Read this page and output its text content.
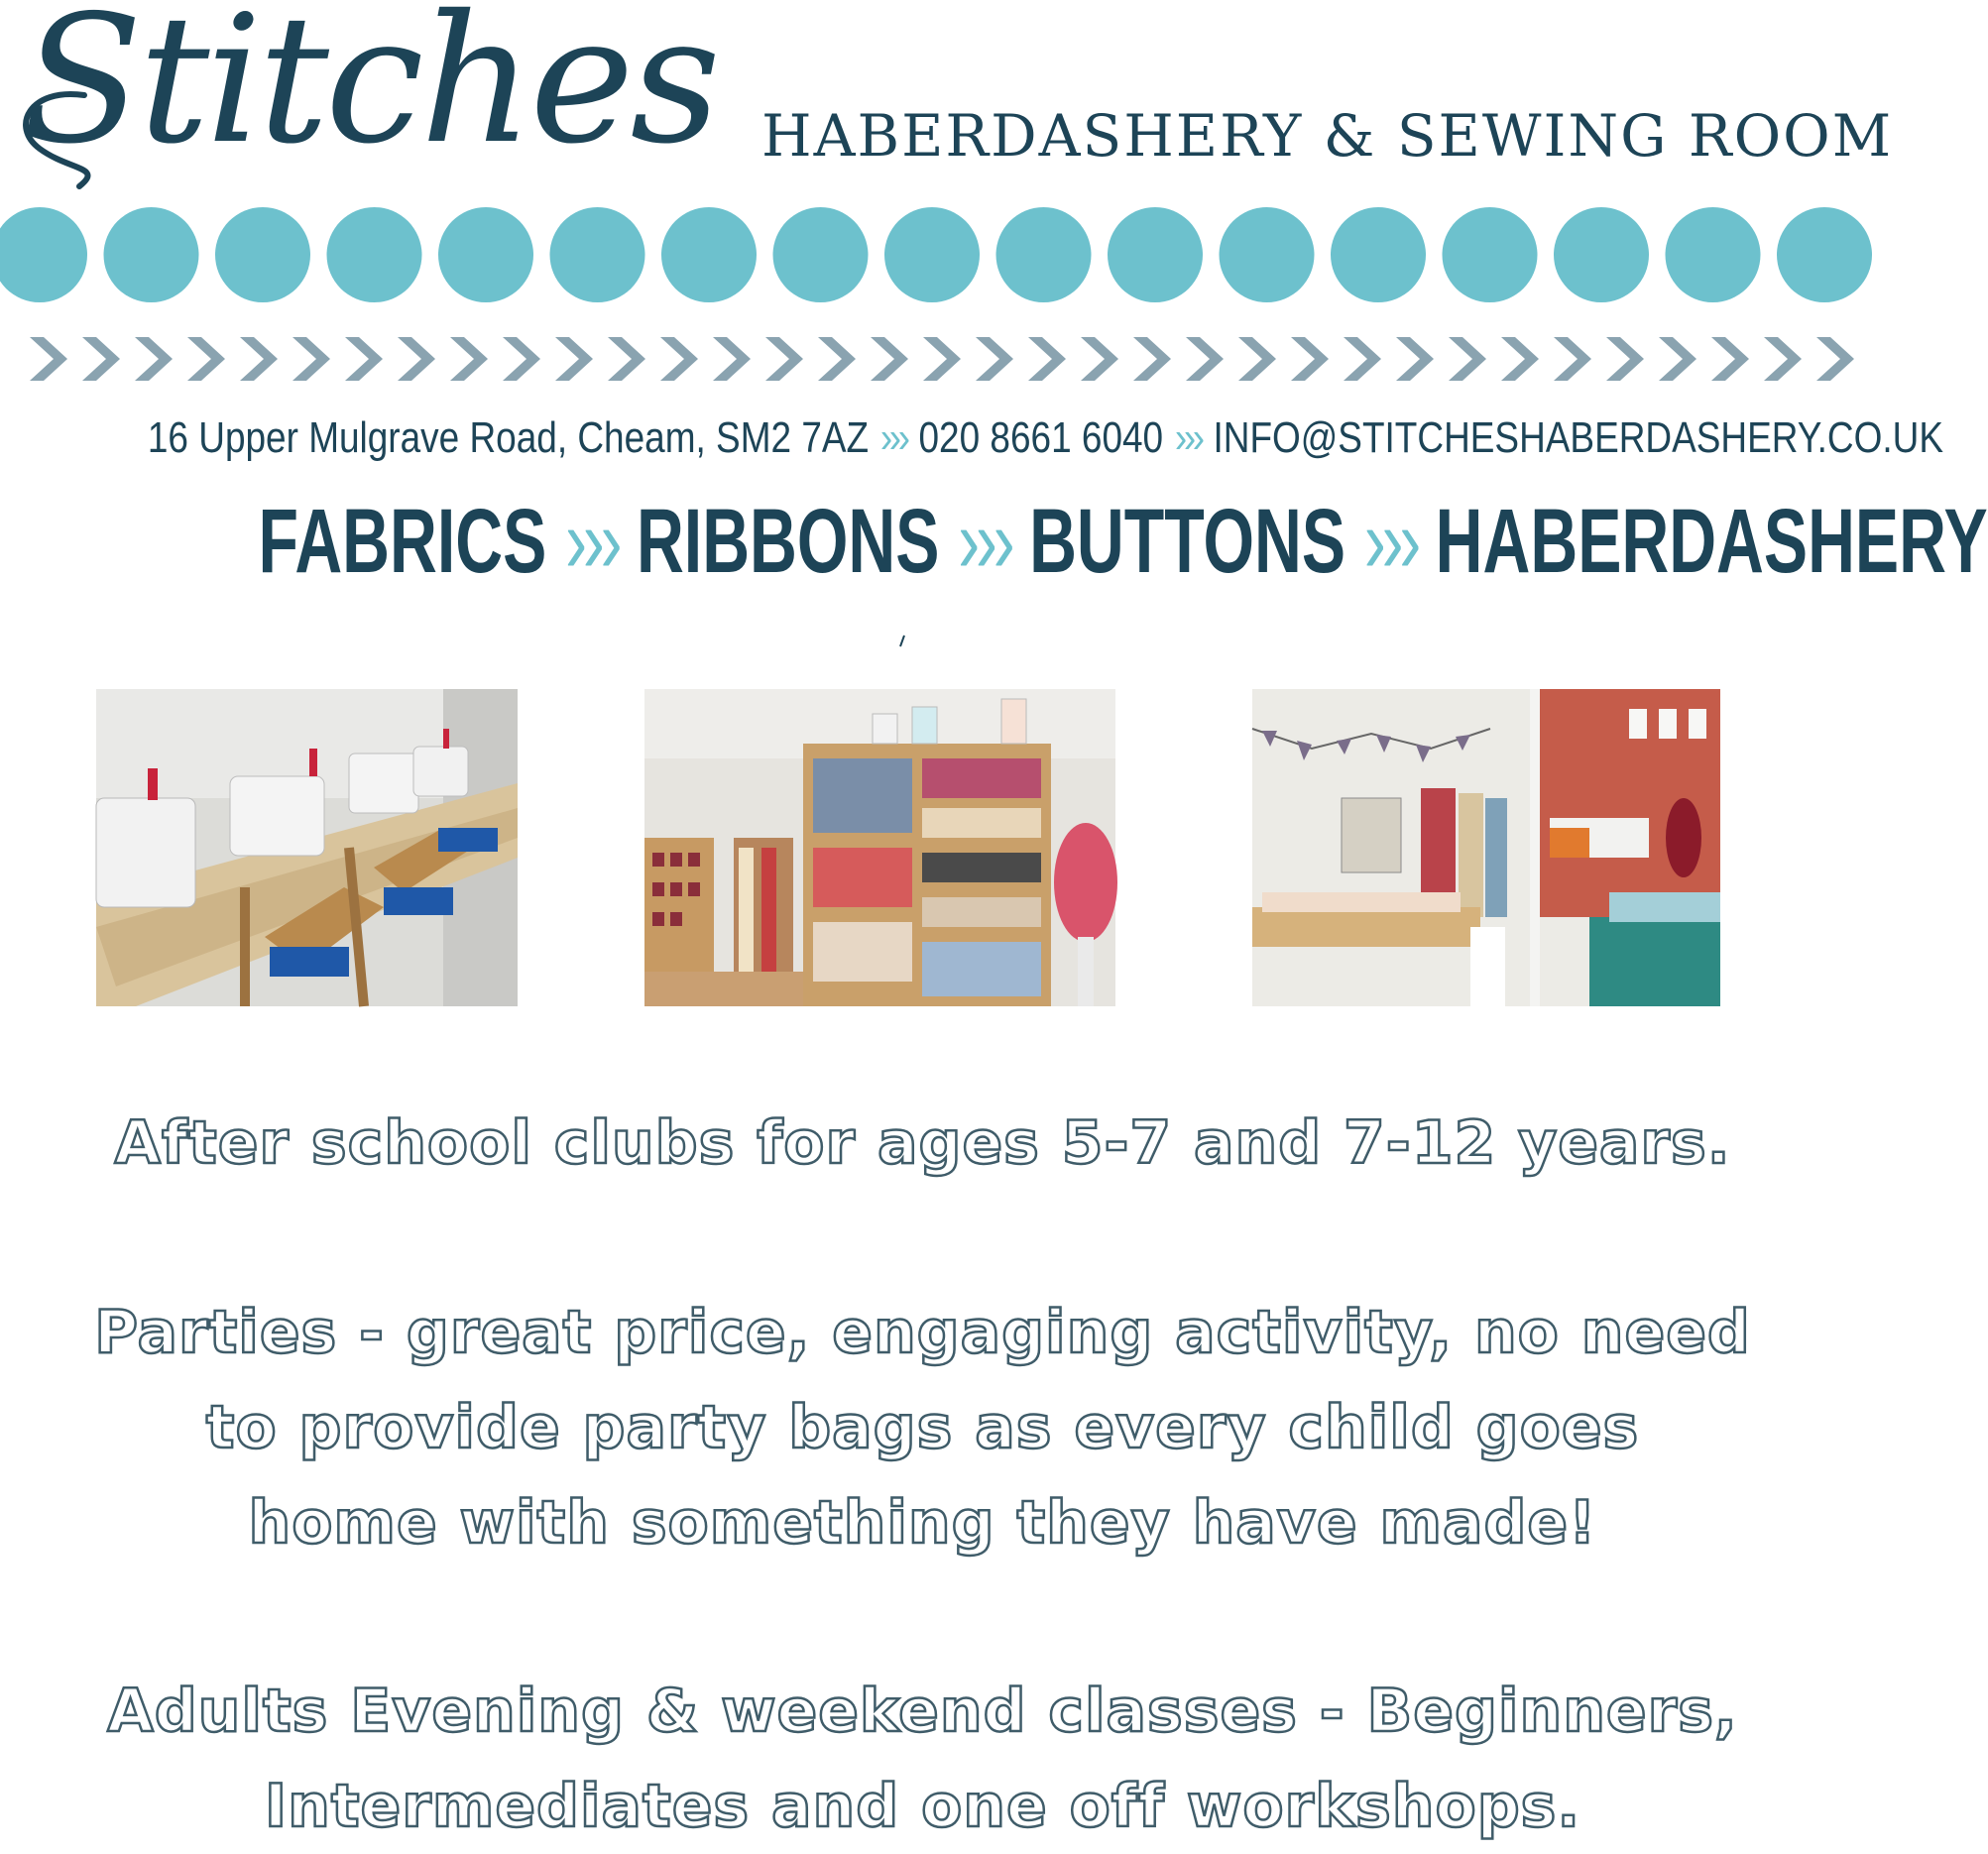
Stitches HABERDASHERY & SEWING ROOM
16 Upper Mulgrave Road, Cheam, SM2 7AZ ››› 020 8661 6040 ››› INFO@STITCHESHABERDASHERY.CO.UK
FABRICS ››› RIBBONS ››› BUTTONS ››› HABERDASHERY
After school clubs for ages 5-7 and 7-12 years.
Parties - great price, engaging activity, no need
to provide party bags as every child goes
home with something they have made!
Adults Evening & weekend classes - Beginners,
Intermediates and one off workshops.
